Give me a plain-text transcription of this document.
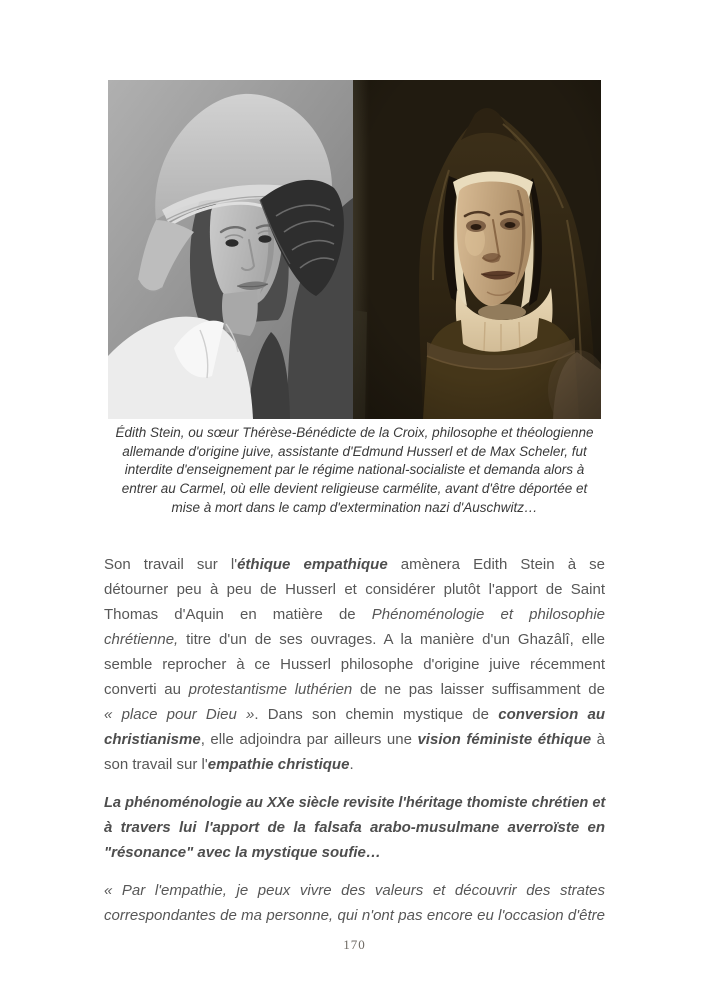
Édith Stein, ou sœur Thérèse-Bénédicte de la Croix, philosophe et théologienne
allemande d'origine juive, assistante d'Edmund Husserl et de Max Scheler, fut
interdite d'enseignement par le régime national-socialiste et demanda alors à
entrer au Carmel, où elle devient religieuse carmélite, avant d'être déportée et
mise à mort dans le camp d'extermination nazi d'Auschwitz…
Son travail sur l'éthique empathique amènera Edith Stein à se
détourner peu à peu de Husserl et considérer plutôt l'apport de Saint
Thomas d'Aquin en matière de Phénoménologie et philosophie
chrétienne, titre d'un de ses ouvrages. A la manière d'un Ghazâlî, elle
semble reprocher à ce Husserl philosophe d'origine juive récemment
converti au protestantisme luthérien de ne pas laisser suffisamment de
« place pour Dieu ». Dans son chemin mystique de conversion au
christianisme, elle adjoindra par ailleurs une vision féministe éthique à
son travail sur l'empathie christique.
La phénoménologie au XXe siècle revisite l'héritage thomiste chrétien et
à travers lui l'apport de la falsafa arabo-musulmane averroïste en
"résonance" avec la mystique soufie…
« Par l'empathie, je peux vivre des valeurs et découvrir des strates
correspondantes de ma personne, qui n'ont pas encore eu l'occasion d'être
170
